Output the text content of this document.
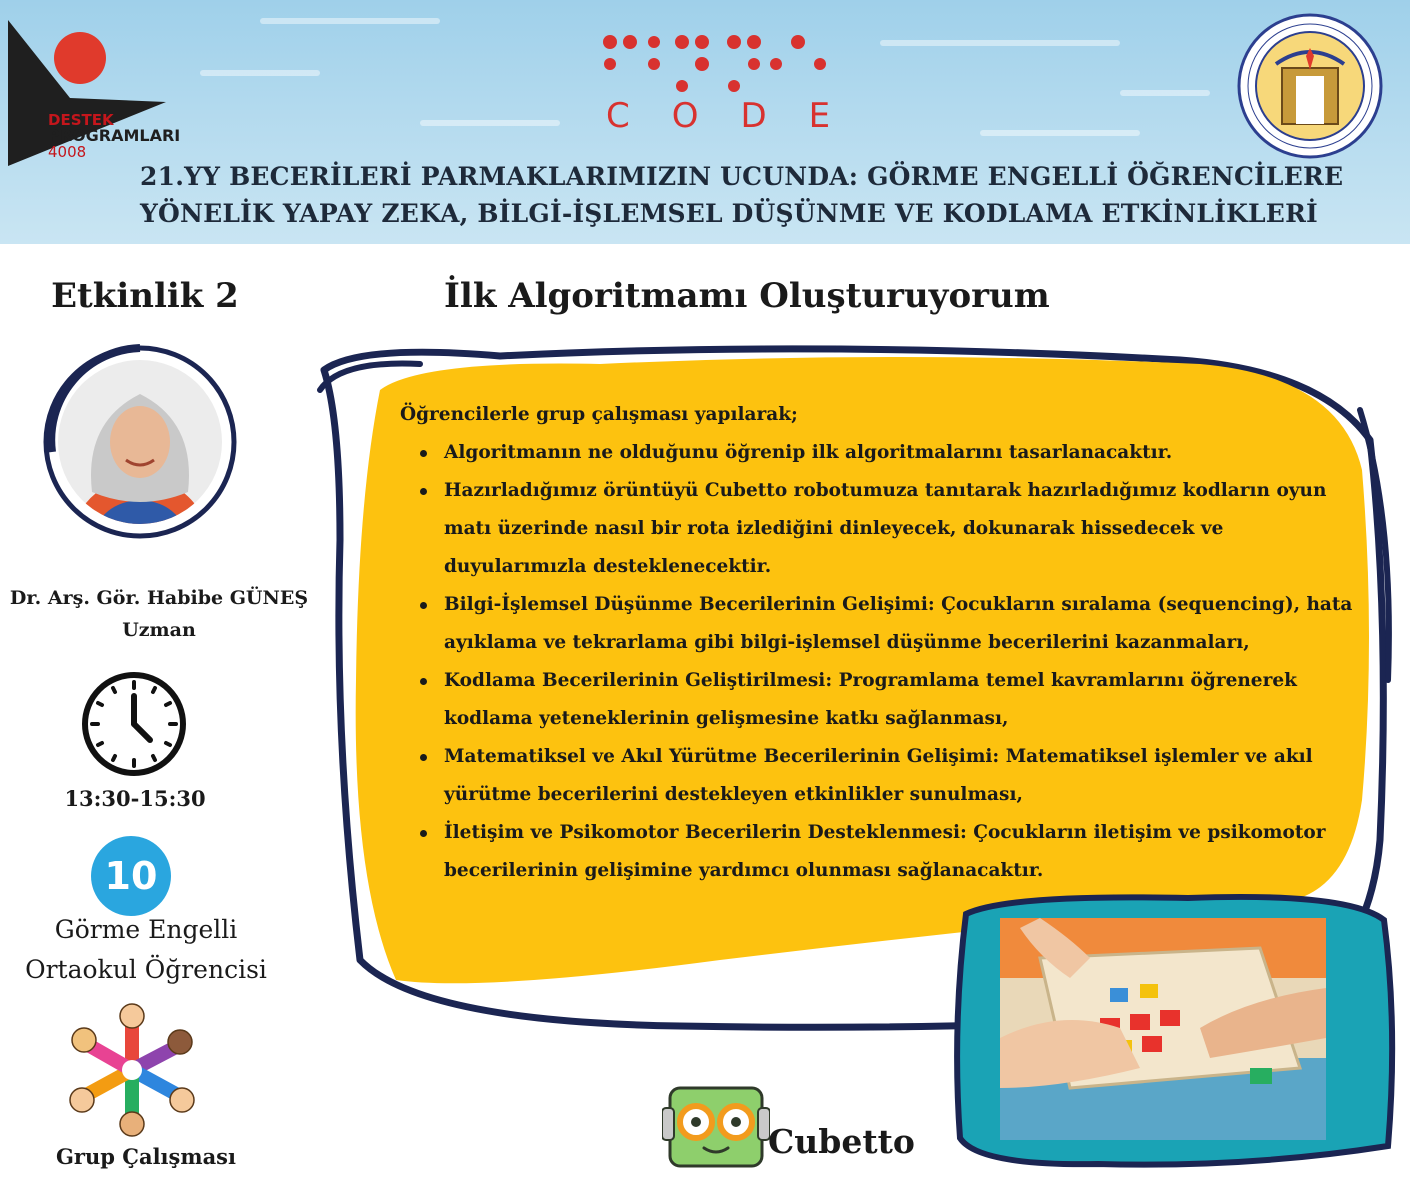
DESTEK
PROGRAMLARI
4008
CODE
21.YY BECERİLERİ PARMAKLARIMIZIN UCUNDA: GÖRME ENGELLİ ÖĞRENCİLERE
YÖNELİK YAPAY ZEKA, BİLGİ-İŞLEMSEL DÜŞÜNME VE KODLAMA ETKİNLİKLERİ
Etkinlik 2
Dr. Arş. Gör. Habibe GÜNEŞ
Uzman
13:30-15:30
10
Görme Engelli
Ortaokul Öğrencisi
Grup Çalışması
İlk Algoritmamı Oluşturuyorum
Öğrencilerle grup çalışması yapılarak;
Algoritmanın ne olduğunu öğrenip ilk algoritmalarını tasarlanacaktır.
Hazırladığımız örüntüyü Cubetto robotumuza tanıtarak hazırladığımız kodların oyun matı üzerinde nasıl bir rota izlediğini dinleyecek, dokunarak hissedecek ve duyularımızla desteklenecektir.
Bilgi-İşlemsel Düşünme Becerilerinin Gelişimi: Çocukların sıralama (sequencing), hata ayıklama ve tekrarlama gibi bilgi-işlemsel düşünme becerilerini kazanmaları,
Kodlama Becerilerinin Geliştirilmesi: Programlama temel kavramlarını öğrenerek kodlama yeteneklerinin gelişmesine katkı sağlanması,
Matematiksel ve Akıl Yürütme Becerilerinin Gelişimi: Matematiksel işlemler ve akıl yürütme becerilerini destekleyen etkinlikler sunulması,
İletişim ve Psikomotor Becerilerin Desteklenmesi: Çocukların iletişim ve psikomotor becerilerinin gelişimine yardımcı olunması sağlanacaktır.
Cubetto
